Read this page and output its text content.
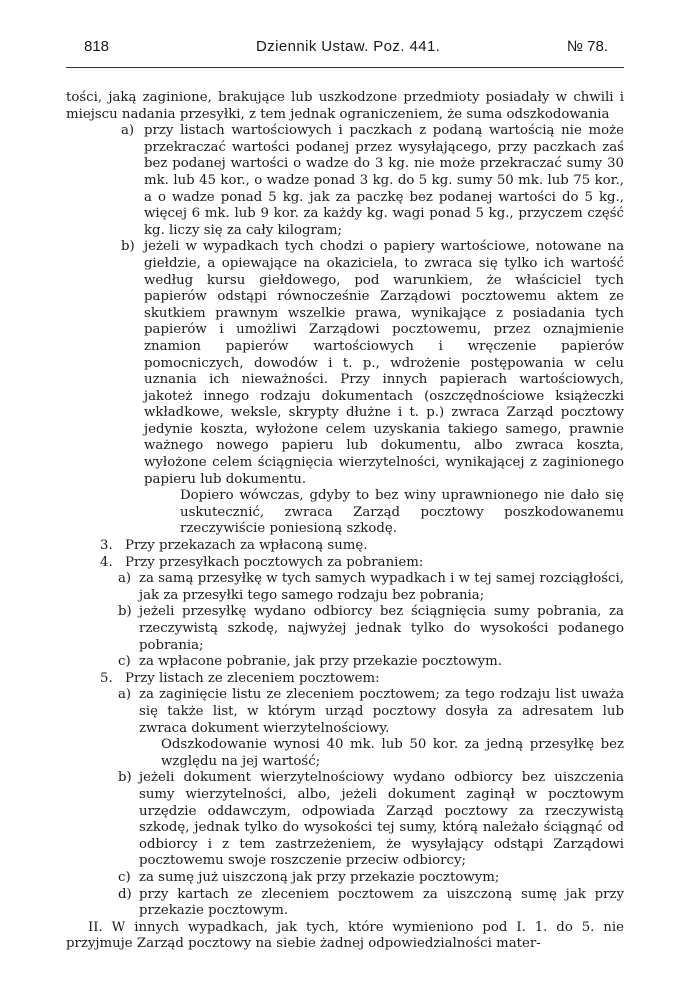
818	Dziennik Ustaw. Poz. 441.	№ 78.

tości, jaką zaginione, brakujące lub uszkodzone przedmioty posiadały w chwili i miejscu nadania przesyłki, z tem jednak ograniczeniem, że suma odszkodowania

a) przy listach wartościowych i paczkach z podaną wartością nie może przekraczać wartości podanej przez wysyłającego, przy paczkach zaś bez podanej wartości o wadze do 3 kg. nie może przekraczać sumy 30 mk. lub 45 kor., o wadze ponad 3 kg. do 5 kg. sumy 50 mk. lub 75 kor., a o wadze ponad 5 kg. jak za paczkę bez podanej wartości do 5 kg., więcej 6 mk. lub 9 kor. za każdy kg. wagi ponad 5 kg., przyczem część kg. liczy się za cały kilogram;
b) jeżeli w wypadkach tych chodzi o papiery wartościowe, notowane na giełdzie, a opiewające na okaziciela, to zwraca się tylko ich wartość według kursu giełdowego, pod warunkiem, że właściciel tych papierów odstąpi równocześnie Zarządowi pocztowemu aktem ze skutkiem prawnym wszelkie prawa, wynikające z posiadania tych papierów i umożliwi Zarządowi pocztowemu, przez oznajmienie znamion papierów wartościowych i wręczenie papierów pomocniczych, dowodów i t. p., wdrożenie postępowania w celu uznania ich nieważności. Przy innych papierach wartościowych, jakoteż innego rodzaju dokumentach (oszczędnościowe książeczki wkładkowe, weksle, skrypty dłużne i t. p.) zwraca Zarząd pocztowy jedynie koszta, wyłożone celem uzyskania takiego samego, prawnie ważnego nowego papieru lub dokumentu, albo zwraca koszta, wyłożone celem ściągnięcia wierzytelności, wynikającej z zaginionego papieru lub dokumentu.

Dopiero wówczas, gdyby to bez winy uprawnionego nie dało się uskutecznić, zwraca Zarząd pocztowy poszkodowanemu rzeczywiście poniesioną szkodę.

3. Przy przekazach za wpłaconą sumę.
4. Przy przesyłkach pocztowych za pobraniem:
a) za samą przesyłkę w tych samych wypadkach i w tej samej rozciągłości, jak za przesyłki tego samego rodzaju bez pobrania;
b) jeżeli przesyłkę wydano odbiorcy bez ściągnięcia sumy pobrania, za rzeczywistą szkodę, najwyżej jednak tylko do wysokości podanego pobrania;
c) za wpłacone pobranie, jak przy przekazie pocztowym.
5. Przy listach ze zleceniem pocztowem:
a) za zaginięcie listu ze zleceniem pocztowem; za tego rodzaju list uważa się także list, w którym urząd pocztowy dosyła za adresatem lub zwraca dokument wierzytelnościowy.

Odszkodowanie wynosi 40 mk. lub 50 kor. za jedną przesyłkę bez względu na jej wartość;

b) jeżeli dokument wierzytelnościowy wydano odbiorcy bez uiszczenia sumy wierzytelności, albo, jeżeli dokument zaginął w pocztowym urzędzie oddawczym, odpowiada Zarząd pocztowy za rzeczywistą szkodę, jednak tylko do wysokości tej sumy, którą należało ściągnąć od odbiorcy i z tem zastrzeżeniem, że wysyłający odstąpi Zarządowi pocztowemu swoje roszczenie przeciw odbiorcy;
c) za sumę już uiszczoną jak przy przekazie pocztowym;
d) przy kartach ze zleceniem pocztowem za uiszczoną sumę jak przy przekazie pocztowym.

II. W innych wypadkach, jak tych, które wymieniono pod I. 1. do 5. nie przyjmuje Zarząd pocztowy na siebie żadnej odpowiedzialności mater-
